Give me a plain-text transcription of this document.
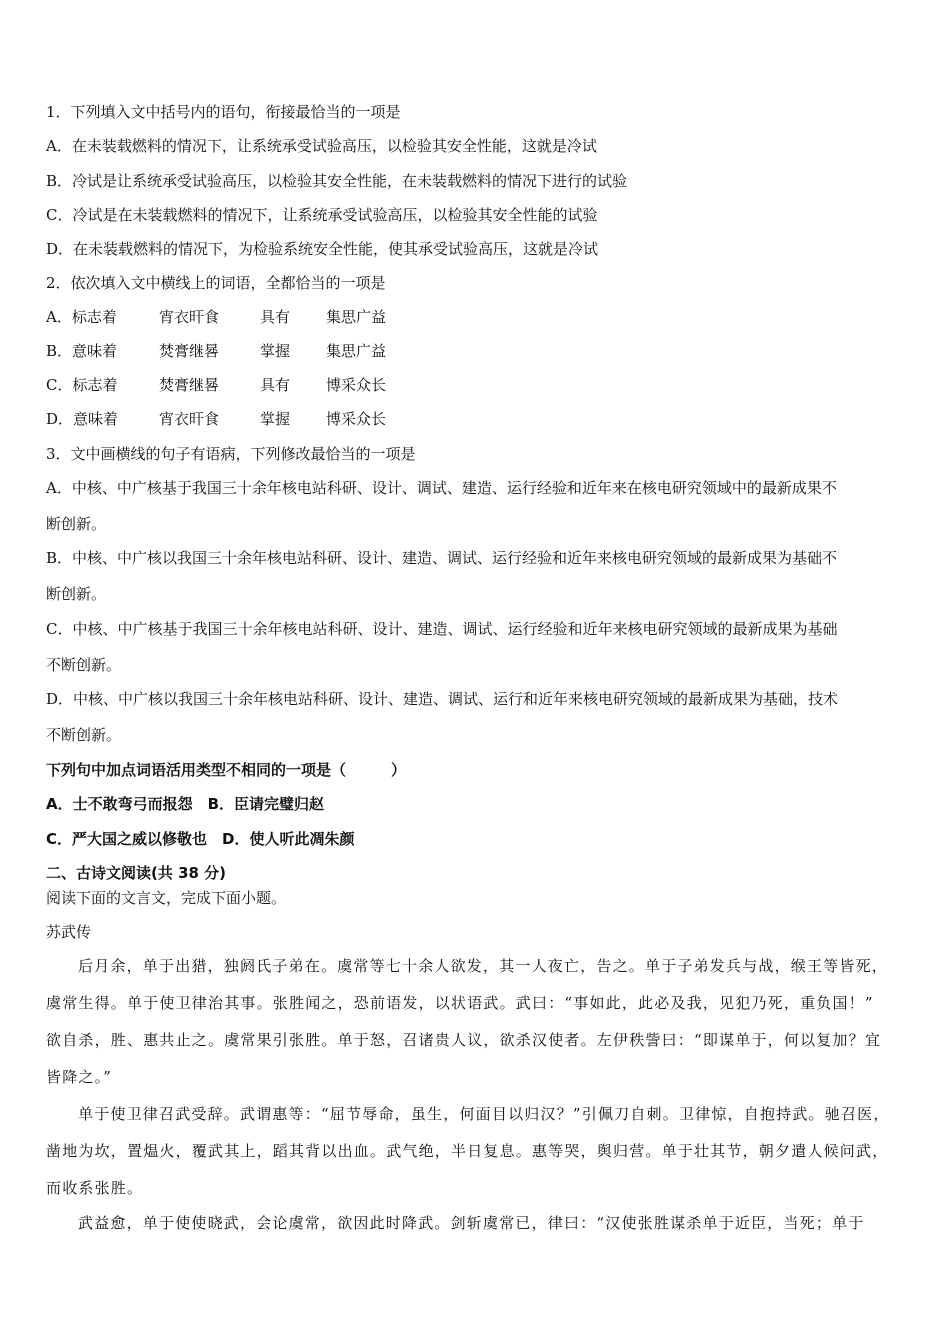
1．下列填入文中括号内的语句，衔接最恰当的一项是
A．在未装载燃料的情况下，让系统承受试验高压，以检验其安全性能，这就是冷试
B．冷试是让系统承受试验高压，以检验其安全性能，在未装载燃料的情况下进行的试验
C．冷试是在未装载燃料的情况下，让系统承受试验高压，以检验其安全性能的试验
D．在未装载燃料的情况下，为检验系统安全性能，使其承受试验高压，这就是冷试
2．依次填入文中横线上的词语，全都恰当的一项是
A．标志着	宵衣旰食	具有 集思广益
B．意味着	焚膏继晷	掌握 集思广益
C．标志着	焚膏继晷	具有 博采众长
D．意味着	宵衣旰食	掌握 博采众长
3．文中画横线的句子有语病，下列修改最恰当的一项是
A．中核、中广核基于我国三十余年核电站科研、设计、调试、建造、运行经验和近年来在核电研究领域中的最新成果不
断创新。
B．中核、中广核以我国三十余年核电站科研、设计、建造、调试、运行经验和近年来核电研究领域的最新成果为基础不
断创新。
C．中核、中广核基于我国三十余年核电站科研、设计、建造、调试、运行经验和近年来核电研究领域的最新成果为基础
不断创新。
D．中核、中广核以我国三十余年核电站科研、设计、建造、调试、运行和近年来核电研究领域的最新成果为基础，技术
不断创新。
下列句中加点词语活用类型不相同的一项是（　　　）
A．士不敢弯弓而报怨　B．臣请完璧归赵
C．严大国之威以修敬也　D．使人听此凋朱颜
二、古诗文阅读(共 38 分)
阅读下面的文言文，完成下面小题。
苏武传
后月余，单于出猎，独阏氏子弟在。虞常等七十余人欲发，其一人夜亡，告之。单于子弟发兵与战，缑王等皆死，
虞常生得。单于使卫律治其事。张胜闻之，恐前语发，以状语武。武曰：“事如此，此必及我，见犯乃死，重负国！”
欲自杀，胜、惠共止之。虞常果引张胜。单于怒，召诸贵人议，欲杀汉使者。左伊秩訾曰：“即谋单于，何以复加？宜
皆降之。”
单于使卫律召武受辞。武谓惠等：“屈节辱命，虽生，何面目以归汉？”引佩刀自刺。卫律惊，自抱持武。驰召医，
凿地为坎，置煴火，覆武其上，蹈其背以出血。武气绝，半日复息。惠等哭，舆归营。单于壮其节，朝夕遣人候问武，
而收系张胜。
武益愈，单于使使晓武，会论虞常，欲因此时降武。剑斩虞常已，律曰：“汉使张胜谋杀单于近臣，当死；单于
